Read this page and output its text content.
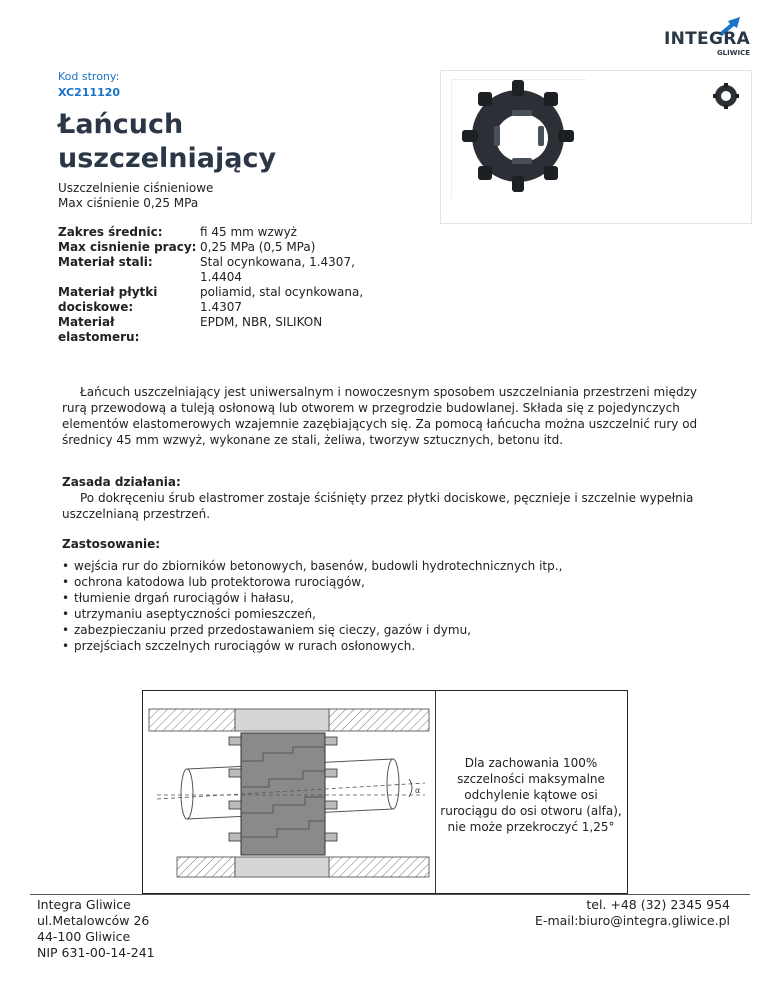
INTEGRA
GLIWICE
Kod strony:
XC211120
Łańcuch uszczelniający
Uszczelnienie ciśnieniowe
Max ciśnienie 0,25 MPa
Zakres średnic:	fi 45 mm wzwyż
Max cisnienie pracy:	0,25 MPa (0,5 MPa)
Materiał stali:	Stal ocynkowana, 1.4307, 1.4404
Materiał płytki dociskowe:	poliamid, stal ocynkowana, 1.4307
Materiał elastomeru:	EPDM, NBR, SILIKON
Łańcuch uszczelniający jest uniwersalnym i nowoczesnym sposobem uszczelniania przestrzeni między rurą przewodową a tuleją osłonową lub otworem w przegrodzie budowlanej. Składa się z pojedynczych elementów elastomerowych wzajemnie zazębiających się. Za pomocą łańcucha można uszczelnić rury od średnicy 45 mm wzwyż, wykonane ze stali, żeliwa, tworzyw sztucznych, betonu itd.
Zasada działania:
Po dokręceniu śrub elastromer zostaje ściśnięty przez płytki dociskowe, pęcznieje i szczelnie wypełnia uszczelnianą przestrzeń.
Zastosowanie:
• wejścia rur do zbiorników betonowych, basenów, budowli hydrotechnicznych itp.,
• ochrona katodowa lub protektorowa rurociągów,
• tłumienie drgań rurociągów i hałasu,
• utrzymaniu aseptyczności pomieszczeń,
• zabezpieczaniu przed przedostawaniem się cieczy, gazów i dymu,
• przejściach szczelnych rurociągów w rurach osłonowych.
α
Dla zachowania 100% szczelności maksymalne odchylenie kątowe osi rurociągu do osi otworu (alfa), nie może przekroczyć 1,25°
Integra Gliwice
ul.Metalowców 26
44-100 Gliwice
NIP 631-00-14-241
tel. +48 (32) 2345 954
E-mail:biuro@integra.gliwice.pl
